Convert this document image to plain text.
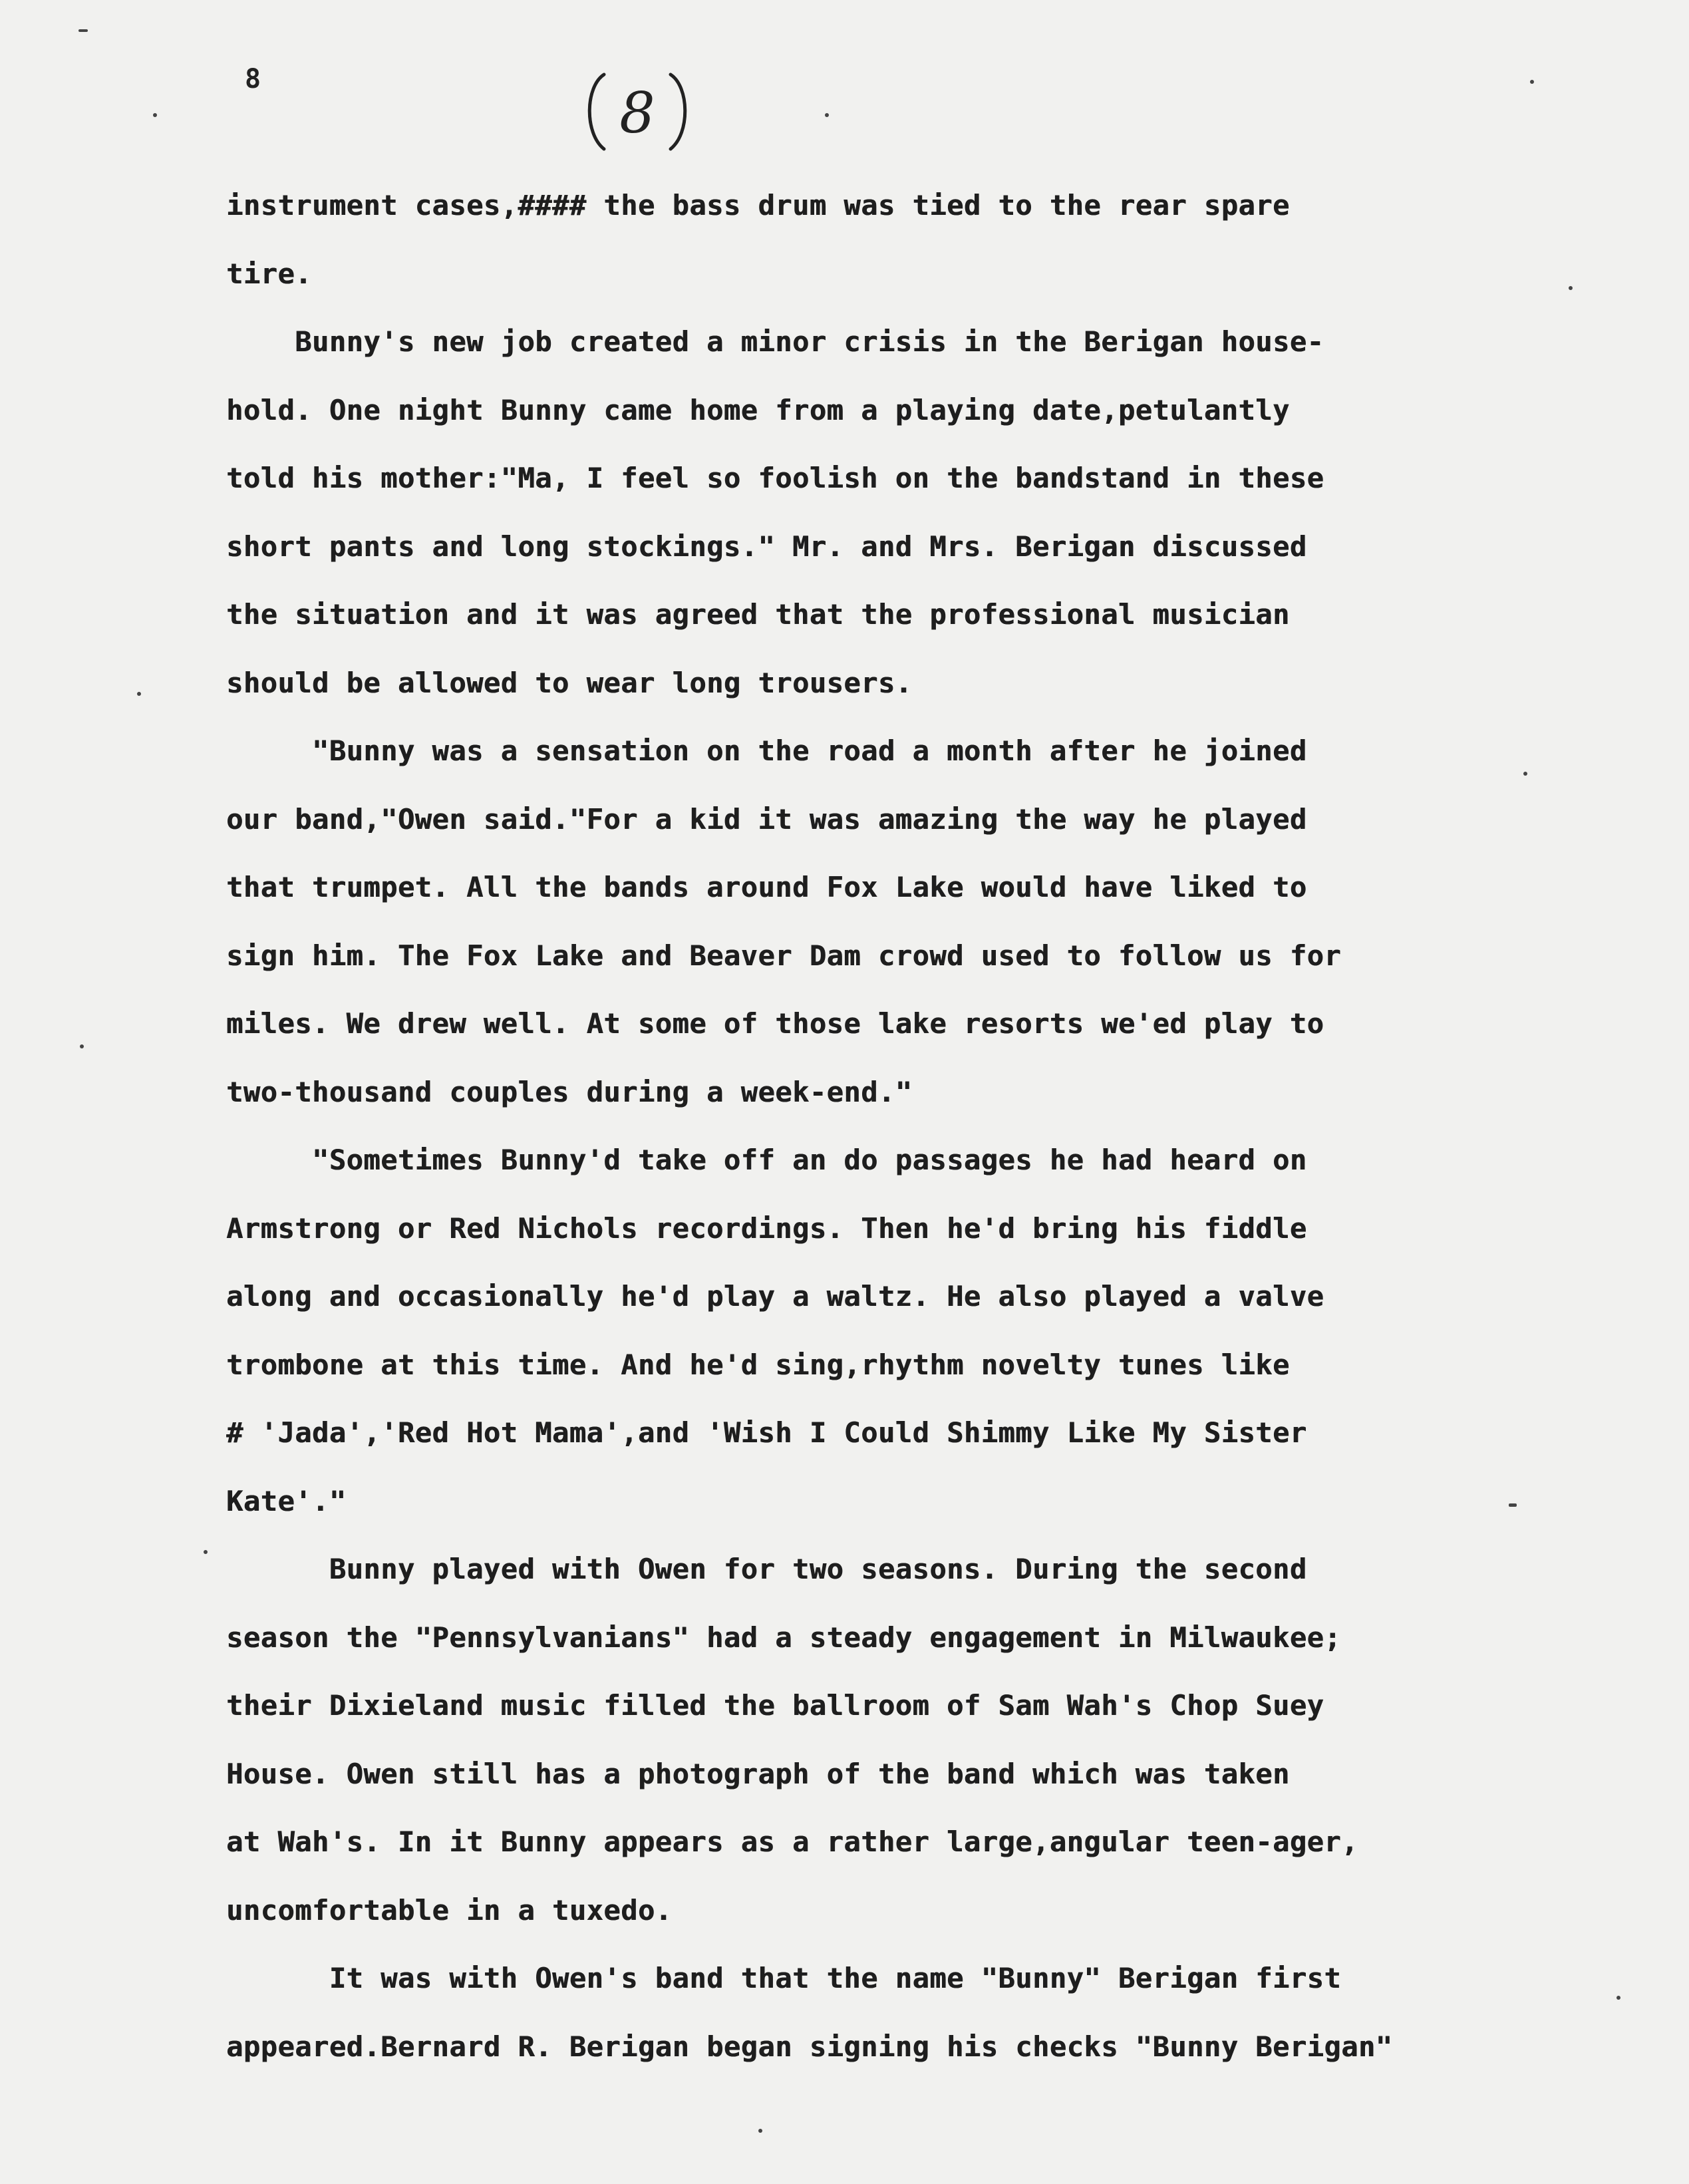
8
8
instrument cases,#### the bass drum was tied to the rear spare
tire.
Bunny's new job created a minor crisis in the Berigan house-
hold. One night Bunny came home from a playing date,petulantly
told his mother:"Ma, I feel so foolish on the bandstand in these
short pants and long stockings." Mr. and Mrs. Berigan discussed
the situation and it was agreed that the professional musician
should be allowed to wear long trousers.
"Bunny was a sensation on the road a month after he joined
our band,"Owen said."For a kid it was amazing the way he played
that trumpet. All the bands around Fox Lake would have liked to
sign him. The Fox Lake and Beaver Dam crowd used to follow us for
miles. We drew well. At some of those lake resorts we'ed play to
two-thousand couples during a week-end."
"Sometimes Bunny'd take off an do passages he had heard on
Armstrong or Red Nichols recordings. Then he'd bring his fiddle
along and occasionally he'd play a waltz. He also played a valve
trombone at this time. And he'd sing,rhythm novelty tunes like
# 'Jada','Red Hot Mama',and 'Wish I Could Shimmy Like My Sister
Kate'."
Bunny played with Owen for two seasons. During the second
season the "Pennsylvanians" had a steady engagement in Milwaukee;
their Dixieland music filled the ballroom of Sam Wah's Chop Suey
House. Owen still has a photograph of the band which was taken
at Wah's. In it Bunny appears as a rather large,angular teen-ager,
uncomfortable in a tuxedo.
It was with Owen's band that the name "Bunny" Berigan first
appeared.Bernard R. Berigan began signing his checks "Bunny Berigan"
